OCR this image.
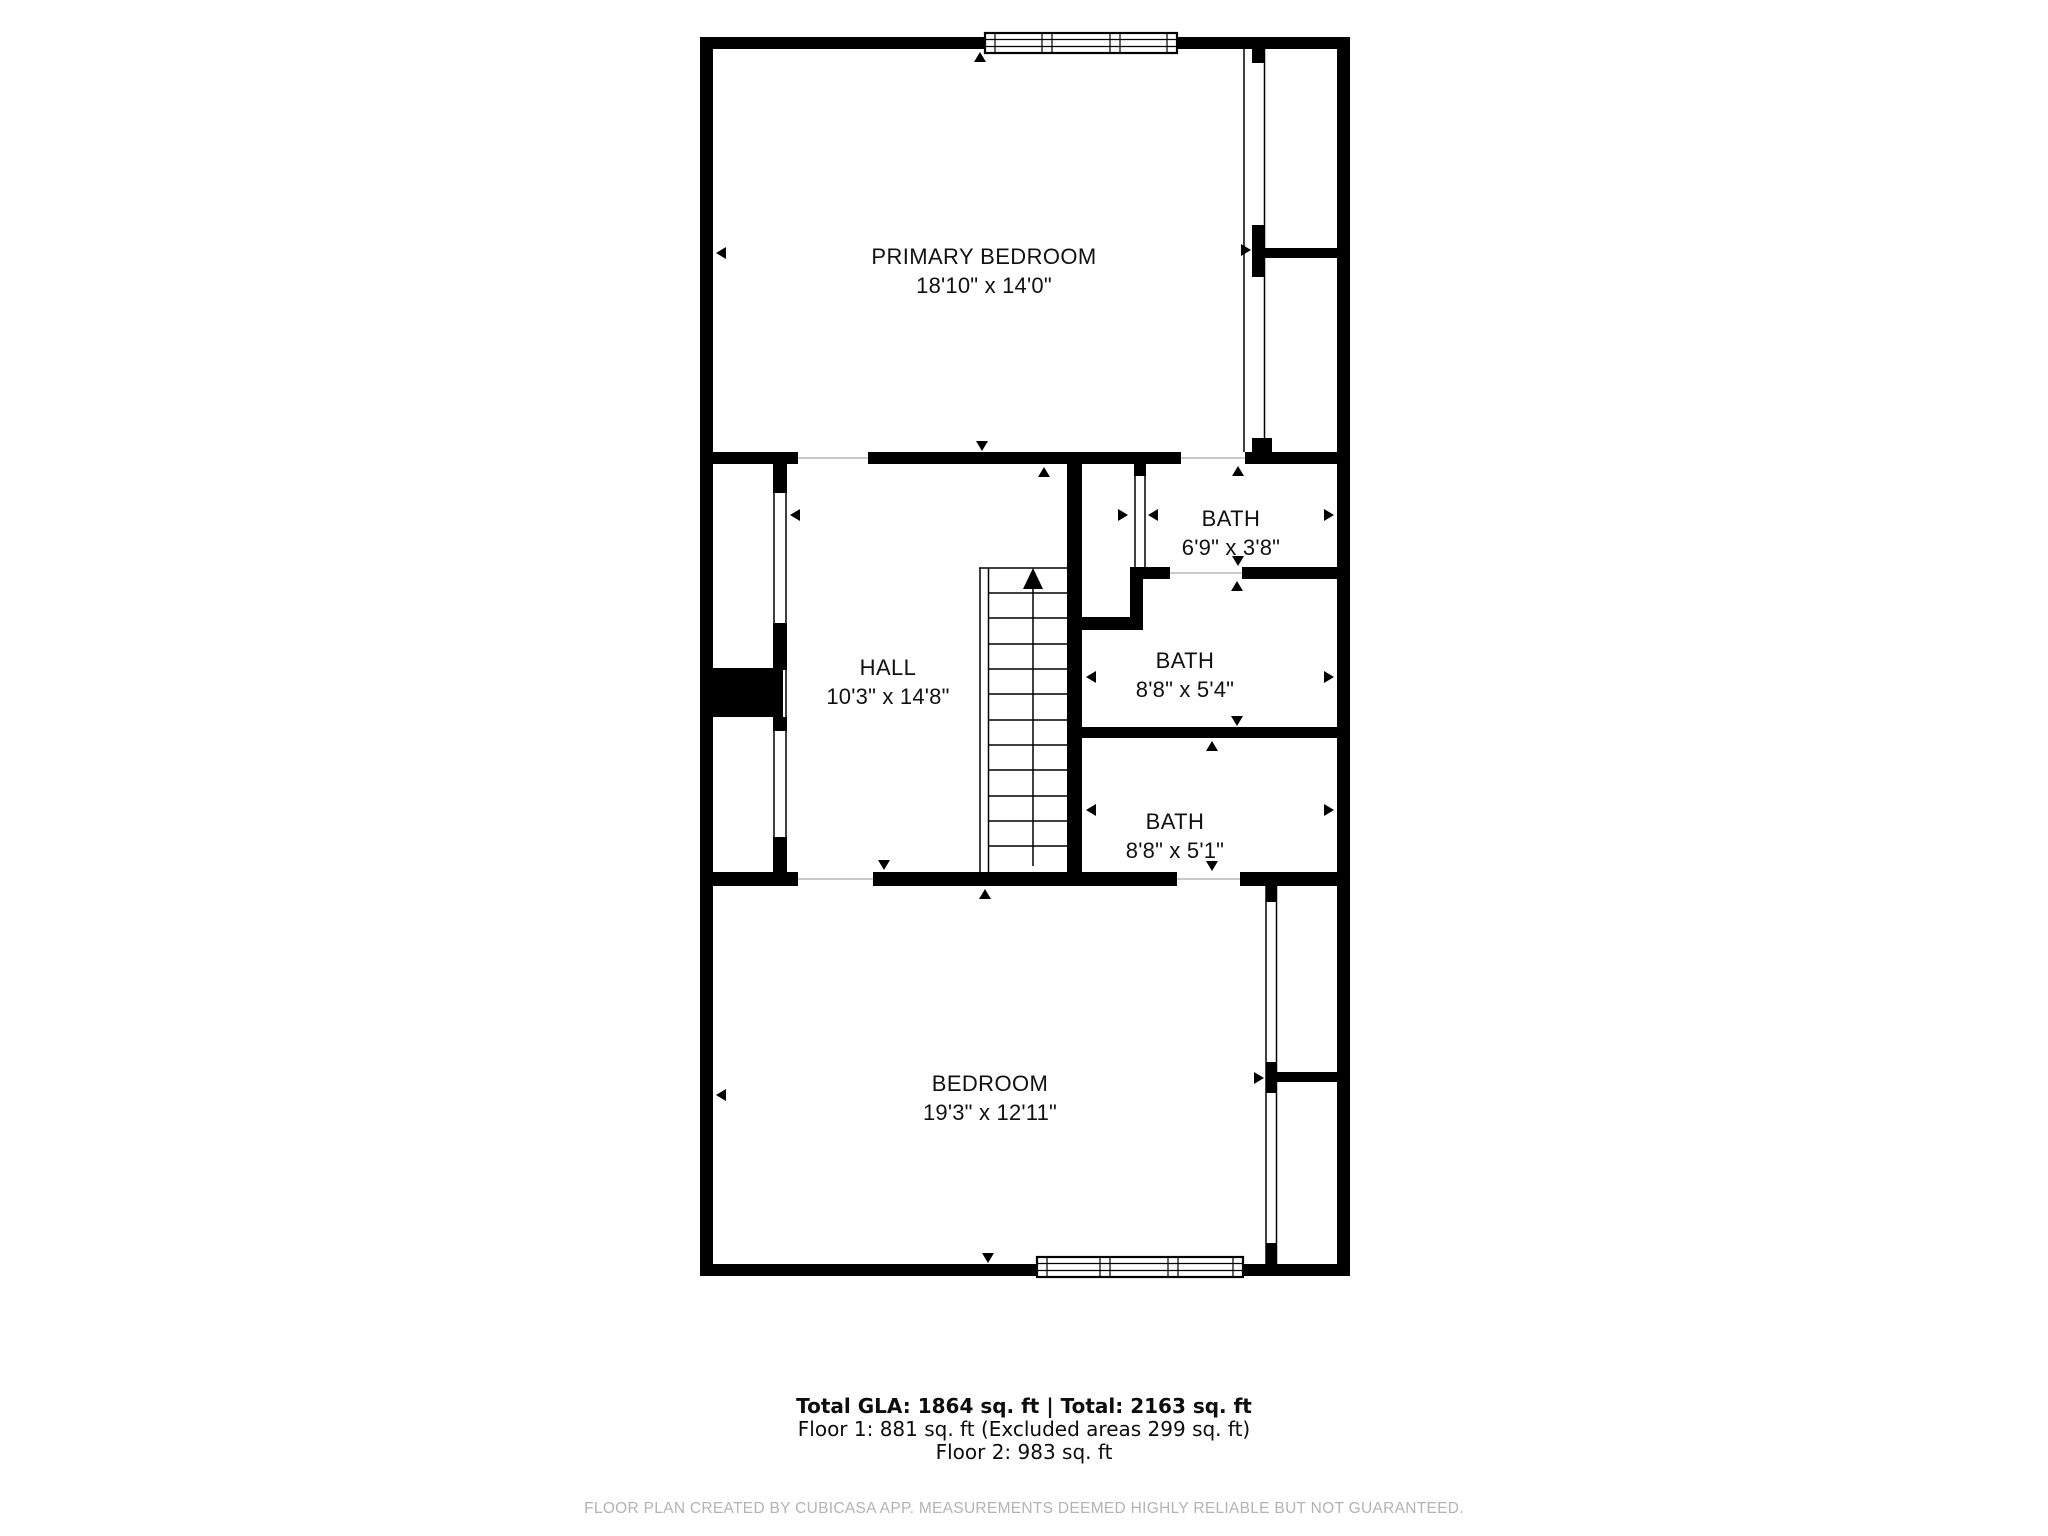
PRIMARY BEDROOM
18'10" x 14'0"
BATH
6'9" x 3'8"
HALL
10'3" x 14'8"
BATH
8'8" x 5'4"
BATH
8'8" x 5'1"
BEDROOM
19'3" x 12'11"
Total GLA: 1864 sq. ft | Total: 2163 sq. ft
Floor 1: 881 sq. ft (Excluded areas 299 sq. ft)
Floor 2: 983 sq. ft
FLOOR PLAN CREATED BY CUBICASA APP. MEASUREMENTS DEEMED HIGHLY RELIABLE BUT NOT GUARANTEED.
